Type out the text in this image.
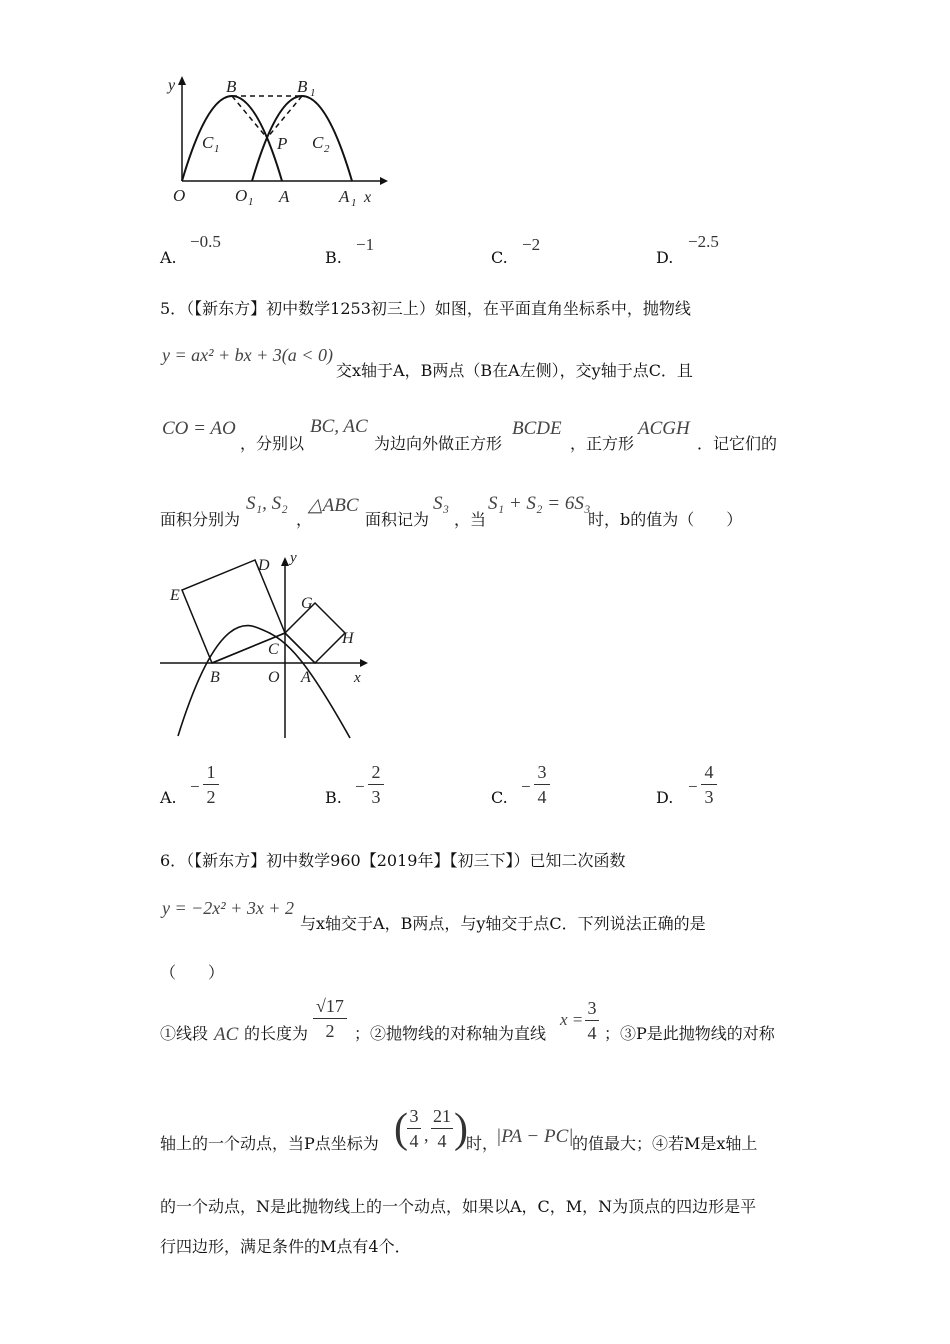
y	B	B 1
C 1	P C 2
O	O 1 A	A 1 x
A.
−0.5
B.
−1
C.
−2
D.
−2.5
5．（【新东方】初中数学1253初三上）如图，在平面直角坐标系中，抛物线
y = ax² + bx + 3(a < 0)
交x轴于A，B两点（B在A左侧），交y轴于点C．且
CO = AO
，分别以
BC, AC
为边向外做正方形
BCDE
，正方形
ACGH
．记它们的
面积分别为
S₁, S₂
，
△ABC
面积记为
S₃
，当
S₁ + S₂ = 6S₃
时，b的值为（　　）
y
D
E	G
H
C
B	O A	x
A.
−
1
2	B.
−
2
3	C.
−
3
4	D.
−
4
3
6．（【新东方】初中数学960【2019年】【初三下】）已知二次函数
y = −2x² + 3x + 2
与x轴交于A，B两点，与y轴交于点C．下列说法正确的是
（　　）
①线段 AC 的长度为
√17
2	；②抛物线的对称轴为直线
x =
3
4 ；③P是此抛物线的对称
轴上的一个动点，当P点坐标为 ( 3
4 ,
21
4 )
时，
|PA − PC|
的值最大；④若M是x轴上
的一个动点，N是此抛物线上的一个动点，如果以A，C，M，N为顶点的四边形是平
行四边形，满足条件的M点有4个．
